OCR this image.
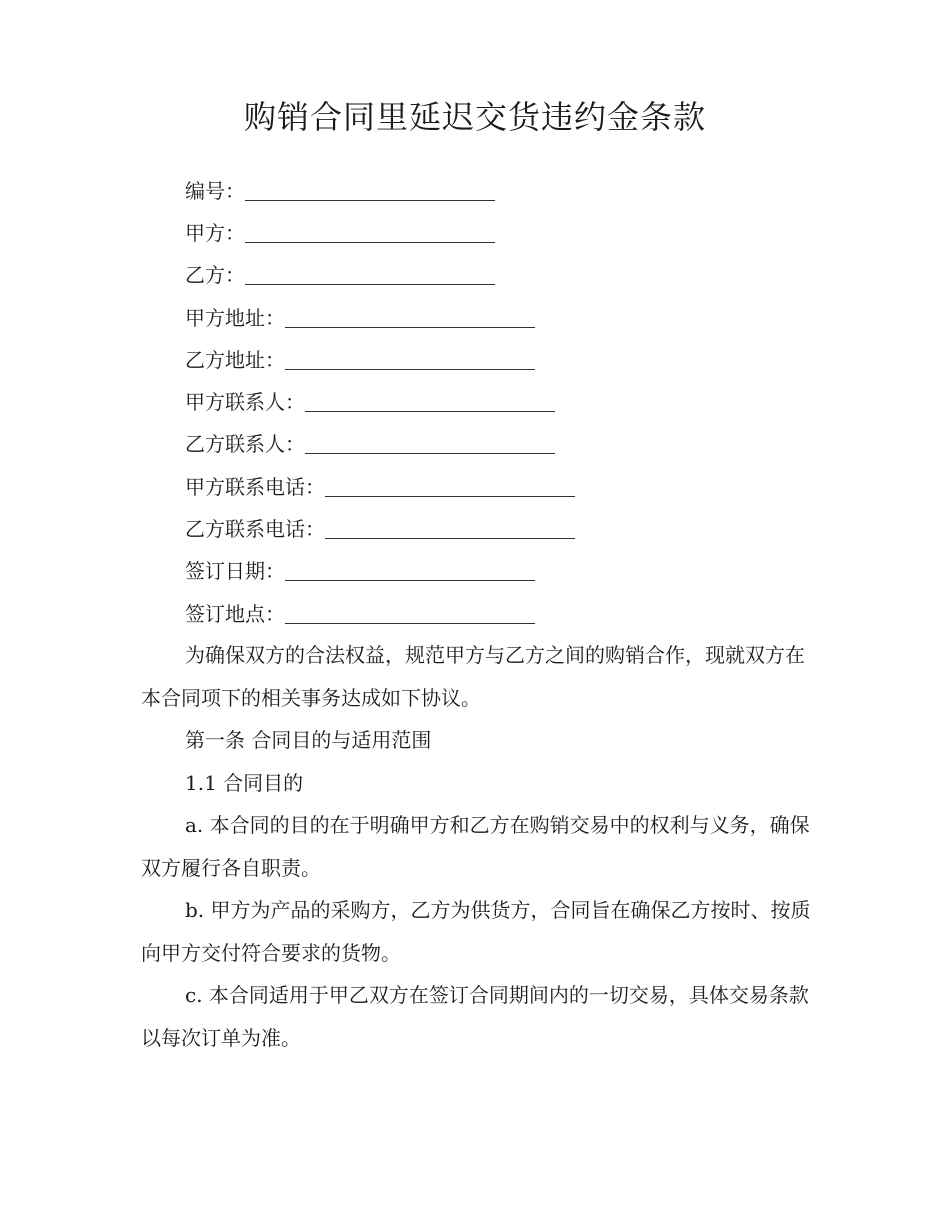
购销合同里延迟交货违约金条款
编号：
甲方：
乙方：
甲方地址：
乙方地址：
甲方联系人：
乙方联系人：
甲方联系电话：
乙方联系电话：
签订日期：
签订地点：

为确保双方的合法权益，规范甲方与乙方之间的购销合作，现就双方在本合同项下的相关事务达成如下协议。

第一条 合同目的与适用范围

1.1 合同目的

a. 本合同的目的在于明确甲方和乙方在购销交易中的权利与义务，确保双方履行各自职责。

b. 甲方为产品的采购方，乙方为供货方，合同旨在确保乙方按时、按质向甲方交付符合要求的货物。

c. 本合同适用于甲乙双方在签订合同期间内的一切交易，具体交易条款以每次订单为准。
